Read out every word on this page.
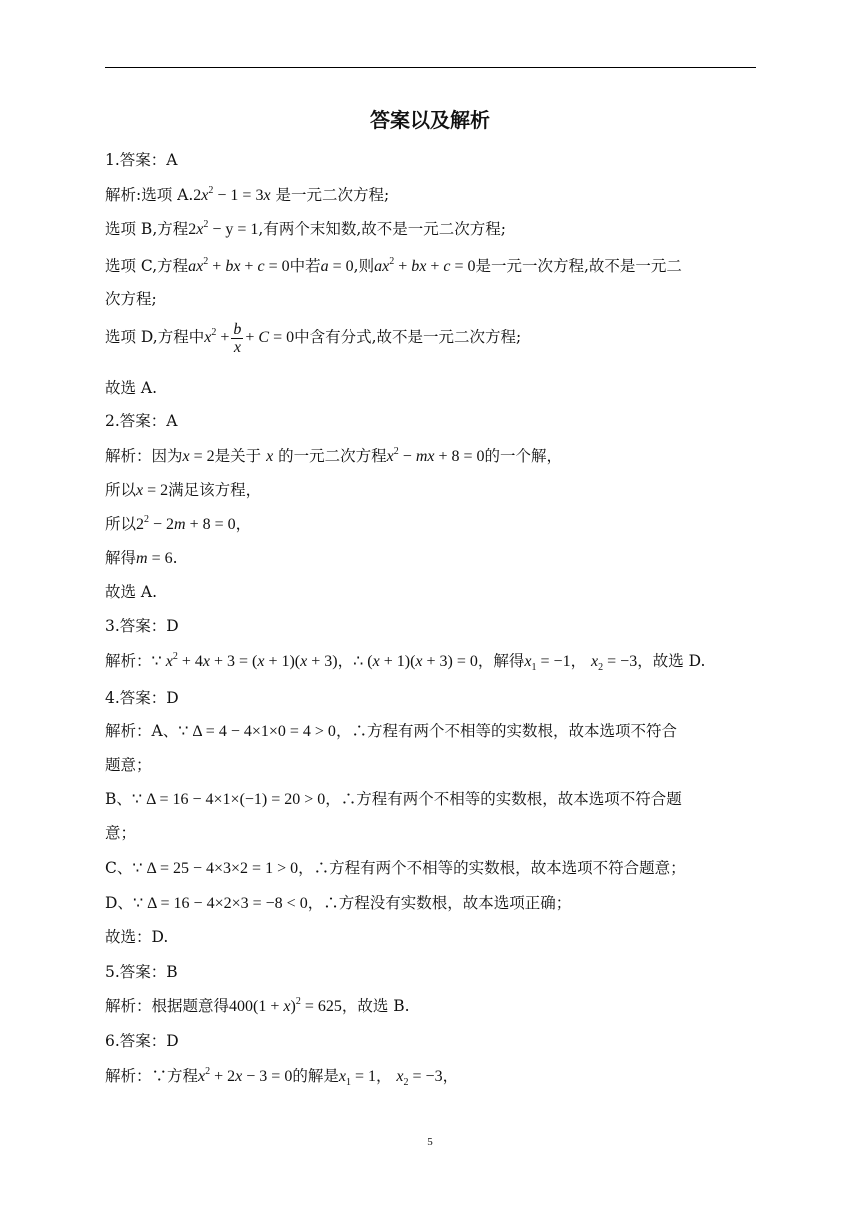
答案以及解析
1.答案：A
解析:选项 $A.2x^2 - 1 = 3x$ 是一元二次方程;
选项 B,方程$2x^2 - y = 1$,有两个末知数,故不是一元二次方程;
选项 C,方程$ax^2$ + bx + c = 0中若a = 0,则$ax^2$ + bx + c = 0是一元一次方程,故不是一元二
次方程;
选项 D,方程中$x^2 + \frac{b}{x} + C = 0$中含有分式,故不是一元二次方程;
故选 A.
2.答案：A
解析：因为x = 2是关于 x 的一元二次方程$x^2$ − mx + 8 = 0的一个解，
所以x = 2满足该方程，
所以$2^2 - 2m + 8 = 0$，
解得m = 6.
故选 A.
3.答案：D
解析：∵ $x^2 + 4x + 3 = (x + 1)(x + 3)$，∴ (x + 1)(x + 3) = 0，解得$x_1 = -1$， $x_2 = -3$，故选 D.
4.答案：D
解析：A、∵ Δ = 4 − 4×1×0 = 4 > 0，∴方程有两个不相等的实数根，故本选项不符合
题意；
B、∵ Δ = 16 − 4×1×(−1) = 20 > 0，∴方程有两个不相等的实数根，故本选项不符合题
意；
C、∵ Δ = 25 − 4×3×2 = 1 > 0，∴方程有两个不相等的实数根，故本选项不符合题意；
D、∵ Δ = 16 − 4×2×3 = −8 < 0，∴方程没有实数根，故本选项正确；
故选：D.
5.答案：B
解析：根据题意得$400(1 + x)^2 = 625$，故选 B.
6.答案：D
解析：∵方程$x^2 + 2x - 3 = 0$的解是$x_1 = 1$， $x_2 = -3$，
5
